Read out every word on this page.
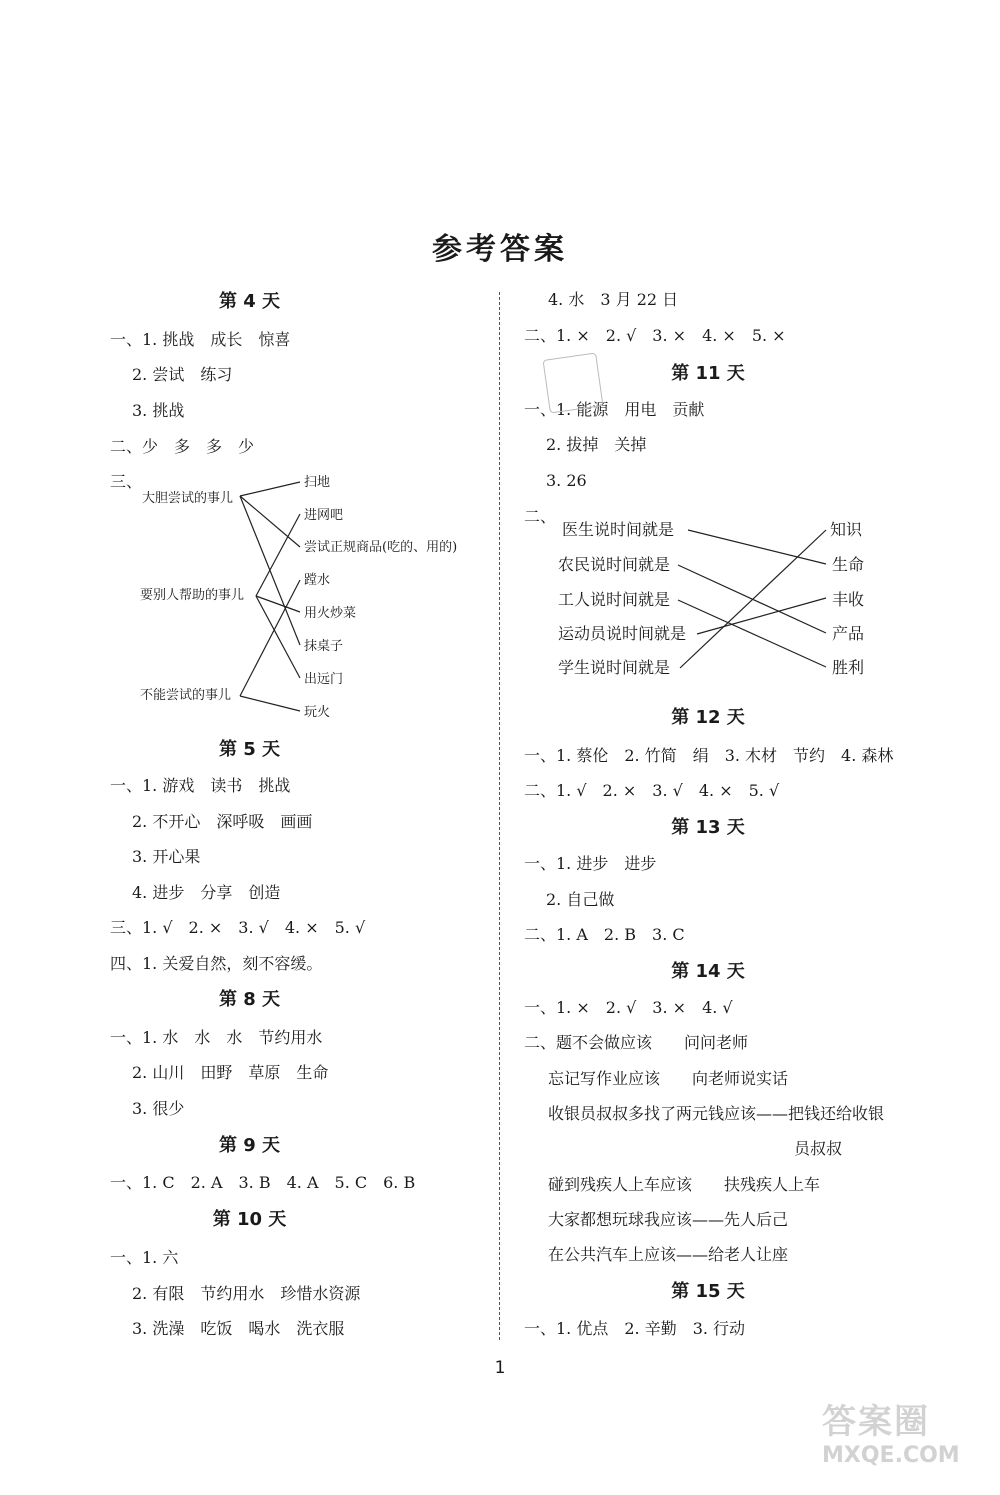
参考答案
第 4 天
一、1. 挑战　成长　惊喜
2. 尝试　练习
3. 挑战
二、少　多　多　少
三、
大胆尝试的事儿
要别人帮助的事儿
不能尝试的事儿
扫地
进网吧
尝试正规商品(吃的、用的)
蹚水
用火炒菜
抹桌子
出远门
玩火
第 5 天
一、1. 游戏　读书　挑战
2. 不开心　深呼吸　画画
3. 开心果
4. 进步　分享　创造
三、1. √　2. ×　3. √　4. ×　5. √
四、1. 关爱自然，刻不容缓。
第 8 天
一、1. 水　水　水　节约用水
2. 山川　田野　草原　生命
3. 很少
第 9 天
一、1. C　2. A　3. B　4. A　5. C　6. B
第 10 天
一、1. 六
2. 有限　节约用水　珍惜水资源
3. 洗澡　吃饭　喝水　洗衣服
4. 水　3 月 22 日
二、1. ×　2. √　3. ×　4. ×　5. ×
第 11 天
一、1. 能源　用电　贡献
2. 拔掉　关掉
3. 26
二、
医生说时间就是
农民说时间就是
工人说时间就是
运动员说时间就是
学生说时间就是
知识
生命
丰收
产品
胜利
第 12 天
一、1. 蔡伦　2. 竹简　绢　3. 木材　节约　4. 森林
二、1. √　2. ×　3. √　4. ×　5. √
第 13 天
一、1. 进步　进步
2. 自己做
二、1. A　2. B　3. C
第 14 天
一、1. ×　2. √　3. ×　4. √
二、题不会做应该　　问问老师
忘记写作业应该　　向老师说实话
收银员叔叔多找了两元钱应该——把钱还给收银
员叔叔
碰到残疾人上车应该　　扶残疾人上车
大家都想玩球我应该——先人后己
在公共汽车上应该——给老人让座
第 15 天
一、1. 优点　2. 辛勤　3. 行动
1
答案圈
MXQE.COM
